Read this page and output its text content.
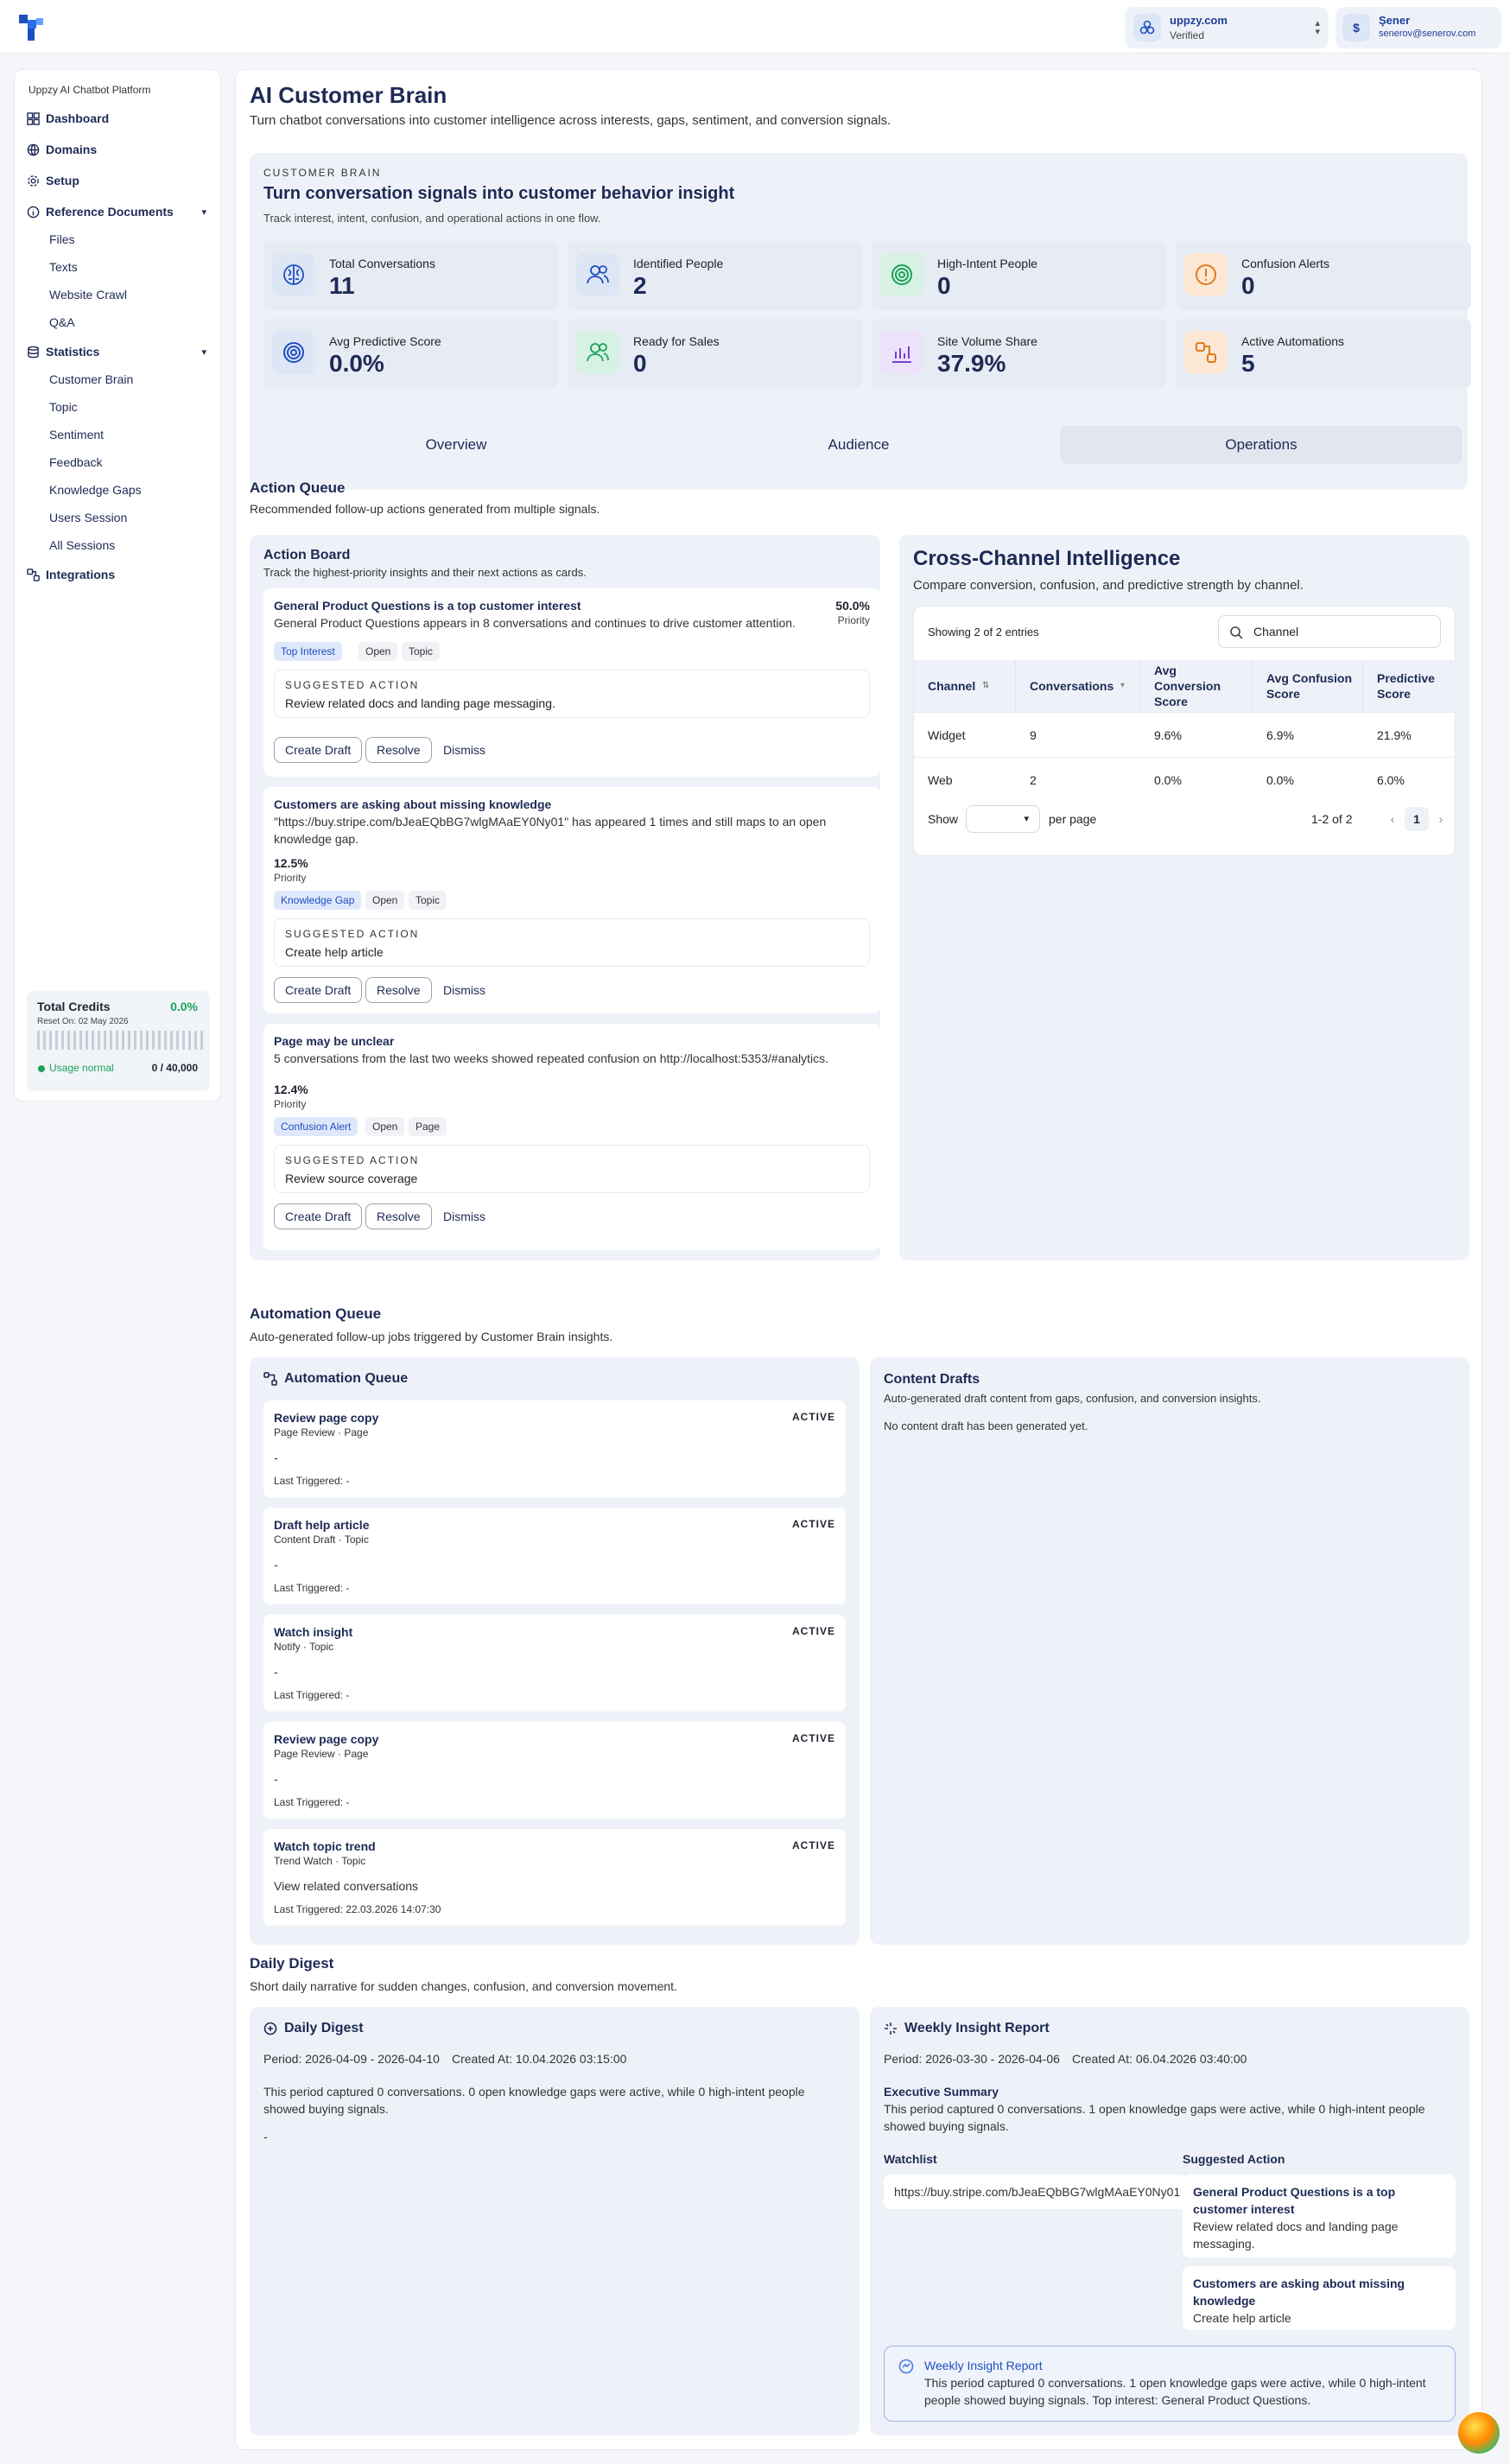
uppzy.com
Verified
▴
▾	$
Şener
senerov@senerov.com
Uppzy AI Chatbot Platform
Dashboard
Domains
Setup
Reference Documents	▾
Files
Texts
Website Crawl
Q&A
Statistics	▾
Customer Brain
Topic
Sentiment
Feedback
Knowledge Gaps
Users Session
All Sessions
Integrations
Total Credits	0.0%
Reset On: 02 May 2026
Usage normal	0 / 40,000
AI Customer Brain
Turn chatbot conversations into customer intelligence across interests, gaps, sentiment, and conversion signals.
CUSTOMER BRAIN
Turn conversation signals into customer behavior insight
Track interest, intent, confusion, and operational actions in one flow.
Total Conversations
11
Identified People
2
High-Intent People
0
Confusion Alerts
0
Avg Predictive Score
0.0%
Ready for Sales
0
Site Volume Share
37.9%
Active Automations
5
Overview	Audience	Operations
Action Queue
Recommended follow-up actions generated from multiple signals.
Action Board
Track the highest-priority insights and their next actions as cards.
General Product Questions is a top customer interest	50.0%
Priority
General Product Questions appears in 8 conversations and continues to drive customer attention.
Top Interest	Open	Topic
SUGGESTED ACTION
Review related docs and landing page messaging.
Create Draft	Resolve	Dismiss
Customers are asking about missing knowledge
"https://buy.stripe.com/bJeaEQbBG7wlgMAaEY0Ny01" has appeared 1 times and still maps to an open knowledge gap.
12.5%
Priority
Knowledge Gap	Open	Topic
SUGGESTED ACTION
Create help article
Create Draft	Resolve	Dismiss
Page may be unclear
5 conversations from the last two weeks showed repeated confusion on http://localhost:5353/#analytics.
12.4%
Priority
Confusion Alert	Open	Page
SUGGESTED ACTION
Review source coverage
Create Draft	Resolve	Dismiss
Cross-Channel Intelligence
Compare conversion, confusion, and predictive strength by channel.
Showing 2 of 2 entries	Channel
Channel
⇅	Conversations
▾
Avg Conversion Score
Avg Confusion Score
Predictive Score
Widget	9	9.6%	6.9%	21.9%
Web	2	0.0%	0.0%	6.0%
Show	▾ per page	1-2 of 2	‹	1	›
Automation Queue
Auto-generated follow-up jobs triggered by Customer Brain insights.
Automation Queue
Review page copy	ACTIVE
Page Review · Page
-
Last Triggered: -
Draft help article	ACTIVE
Content Draft · Topic
-
Last Triggered: -
Watch insight	ACTIVE
Notify · Topic
-
Last Triggered: -
Review page copy	ACTIVE
Page Review · Page
-
Last Triggered: -
Watch topic trend	ACTIVE
Trend Watch · Topic
View related conversations
Last Triggered: 22.03.2026 14:07:30
Content Drafts
Auto-generated draft content from gaps, confusion, and conversion insights.
No content draft has been generated yet.
Daily Digest
Short daily narrative for sudden changes, confusion, and conversion movement.
Daily Digest
Period: 2026-04-09 - 2026-04-10 Created At: 10.04.2026 03:15:00
This period captured 0 conversations. 0 open knowledge gaps were active, while 0 high-intent people showed buying signals.
-
Weekly Insight Report
Period: 2026-03-30 - 2026-04-06 Created At: 06.04.2026 03:40:00
Executive Summary
This period captured 0 conversations. 1 open knowledge gaps were active, while 0 high-intent people showed buying signals.
Watchlist
https://buy.stripe.com/bJeaEQbBG7wlgMAaEY0Ny01
Suggested Action
General Product Questions is a top customer interest
Review related docs and landing page messaging.
Customers are asking about missing knowledge
Create help article
Weekly Insight Report
This period captured 0 conversations. 1 open knowledge gaps were active, while 0 high-intent people showed buying signals. Top interest: General Product Questions.
